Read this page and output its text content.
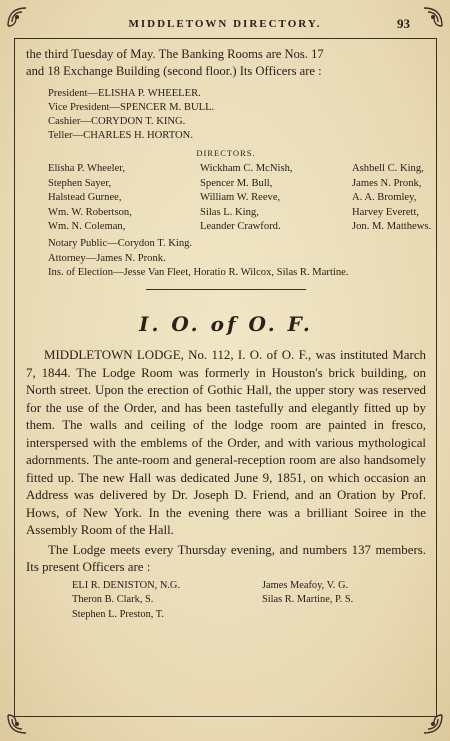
MIDDLETOWN DIRECTORY.	93

the third Tuesday of May. The Banking Rooms are Nos. 17

and 18 Exchange Building (second floor.) Its Officers are :

President—ELISHA P. WHEELER.
Vice President—SPENCER M. BULL.
Cashier—CORYDON T. KING.
Teller—CHARLES H. HORTON.
DIRECTORS.
Elisha P. Wheeler,	Wickham C. McNish,	Ashbell C. King,
Stephen Sayer,	Spencer M. Bull,	James N. Pronk,
Halstead Gurnee,	William W. Reeve,	A. A. Bromley,
Wm. W. Robertson,	Silas L. King,	Harvey Everett,
Wm. N. Coleman,	Leander Crawford.	Jon. M. Matthews.
Notary Public—Corydon T. King.
Attorney—James N. Pronk.
Ins. of Election—Jesse Van Fleet, Horatio R. Wilcox, Silas R. Martine.
I. O. of O. F.

MIDDLETOWN LODGE, No. 112, I. O. of O. F., was instituted March 7, 1844. The Lodge Room was formerly in Houston's brick building, on North street. Upon the erection of Gothic Hall, the upper story was reserved for the use of the Order, and has been tastefully and elegantly fitted up by them. The walls and ceiling of the lodge room are painted in fresco, interspersed with the emblems of the Order, and with various mythological adornments. The ante-room and general-reception room are also handsomely fitted up. The new Hall was dedicated June 9, 1851, on which occasion an Address was delivered by Dr. Joseph D. Friend, and an Oration by Prof. Hows, of New York. In the evening there was a brilliant Soiree in the Assembly Room of the Hall.

The Lodge meets every Thursday evening, and numbers 137 members. Its present Officers are :

ELI R. DENISTON, N.G.	James Meafoy, V. G.
Theron B. Clark, S.	Silas R. Martine, P. S.
Stephen L. Preston, T.
